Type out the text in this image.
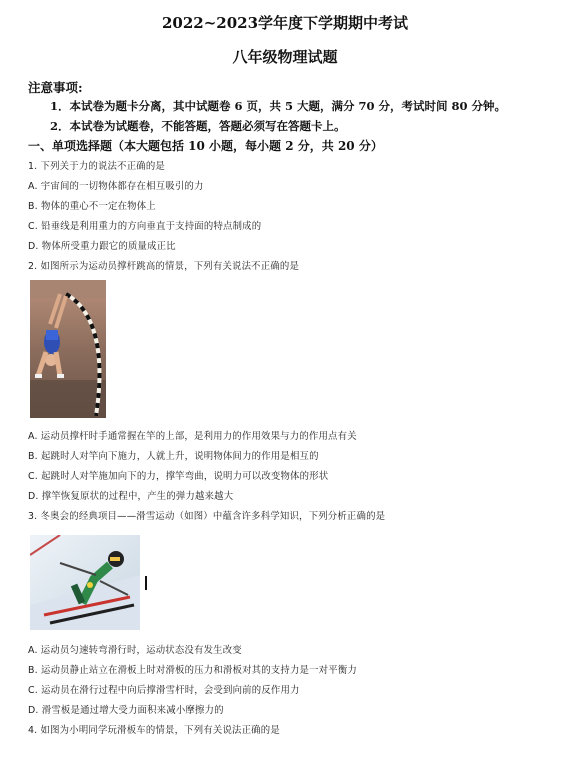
2022~2023学年度下学期期中考试
八年级物理试题
注意事项:
1．本试卷为题卡分离，其中试题卷 6 页，共 5 大题，满分 70 分，考试时间 80 分钟。
2．本试卷为试题卷，不能答题，答题必须写在答题卡上。
一、单项选择题（本大题包括 10 小题，每小题 2 分，共 20 分）
1. 下列关于力的说法不正确的是
A. 宇宙间的一切物体都存在相互吸引的力
B. 物体的重心不一定在物体上
C. 铅垂线是利用重力的方向垂直于支持面的特点制成的
D. 物体所受重力跟它的质量成正比
2. 如图所示为运动员撑杆跳高的情景，下列有关说法不正确的是
A. 运动员撑杆时手通常握在竿的上部，是利用力的作用效果与力的作用点有关
B. 起跳时人对竿向下施力，人就上升，说明物体间力的作用是相互的
C. 起跳时人对竿施加向下的力，撑竿弯曲，说明力可以改变物体的形状
D. 撑竿恢复原状的过程中，产生的弹力越来越大
3. 冬奥会的经典项目——滑雪运动（如图）中蕴含许多科学知识，下列分析正确的是
A. 运动员匀速转弯滑行时，运动状态没有发生改变
B. 运动员静止站立在滑板上时对滑板的压力和滑板对其的支持力是一对平衡力
C. 运动员在滑行过程中向后撑滑雪杆时，会受到向前的反作用力
D. 滑雪板是通过增大受力面积来减小摩擦力的
4. 如图为小明同学玩滑板车的情景，下列有关说法正确的是
